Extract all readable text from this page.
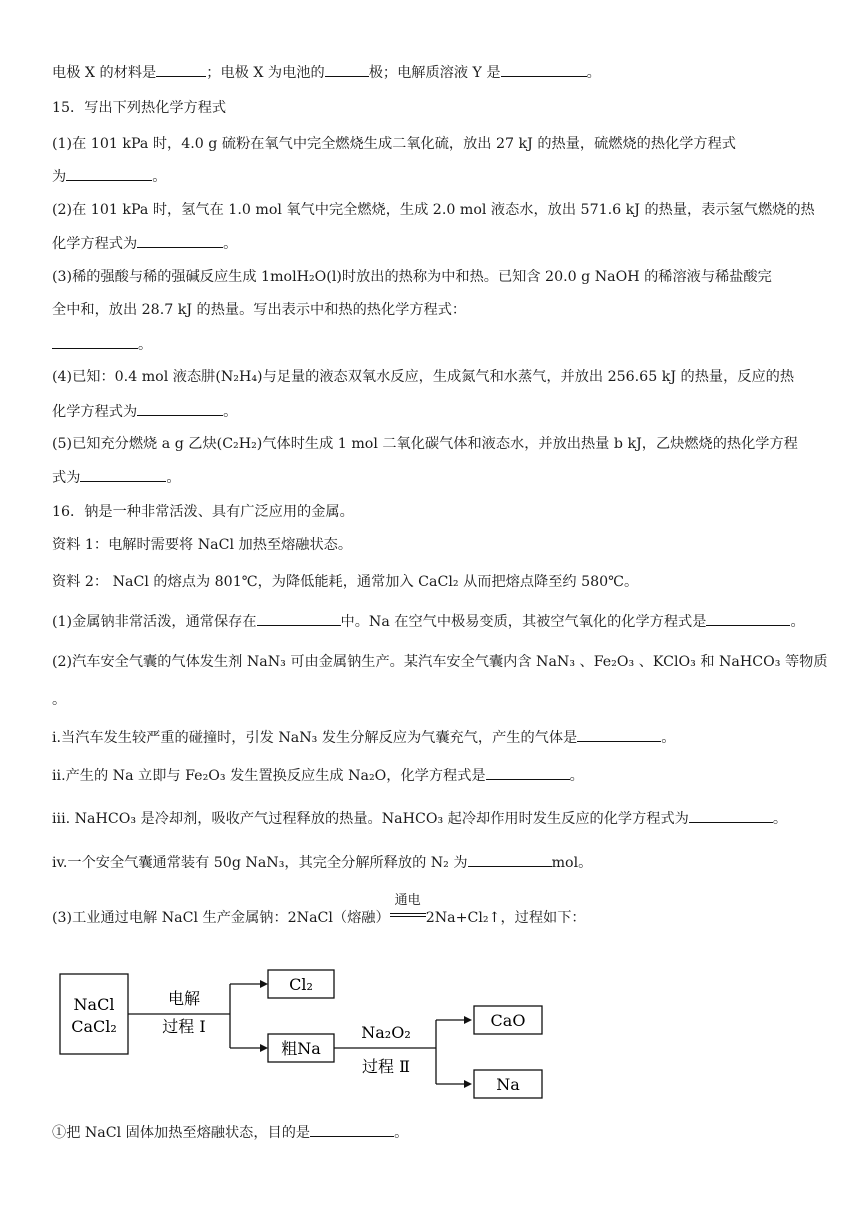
电极 X 的材料是	；电极 X 为电池的	极；电解质溶液 Y 是	。
15．写出下列热化学方程式
(1)在 101 kPa 时，4.0 g 硫粉在氧气中完全燃烧生成二氧化硫，放出 27 kJ 的热量，硫燃烧的热化学方程式
为	。
(2)在 101 kPa 时，氢气在 1.0 mol 氧气中完全燃烧，生成 2.0 mol 液态水，放出 571.6 kJ 的热量，表示氢气燃烧的热
化学方程式为	。
(3)稀的强酸与稀的强碱反应生成 1molH₂O(l)时放出的热称为中和热。已知含 20.0 g NaOH 的稀溶液与稀盐酸完
全中和，放出 28.7 kJ 的热量。写出表示中和热的热化学方程式：
。
(4)已知：0.4 mol 液态肼(N₂H₄)与足量的液态双氧水反应，生成氮气和水蒸气，并放出 256.65 kJ 的热量，反应的热
化学方程式为	。
(5)已知充分燃烧 a g 乙炔(C₂H₂)气体时生成 1 mol 二氧化碳气体和液态水，并放出热量 b kJ，乙炔燃烧的热化学方程
式为	。
16．钠是一种非常活泼、具有广泛应用的金属。
资料 1：电解时需要将 NaCl 加热至熔融状态。
资料 2： NaCl 的熔点为 801℃，为降低能耗，通常加入 CaCl₂ 从而把熔点降至约 580℃。
(1)金属钠非常活泼，通常保存在	中。Na 在空气中极易变质，其被空气氧化的化学方程式是	。
(2)汽车安全气囊的气体发生剂 NaN₃ 可由金属钠生产。某汽车安全气囊内含 NaN₃ 、Fe₂O₃ 、KClO₃ 和 NaHCO₃ 等物质
。
i.当汽车发生较严重的碰撞时，引发 NaN₃ 发生分解反应为气囊充气，产生的气体是	。
ii.产生的 Na 立即与 Fe₂O₃ 发生置换反应生成 Na₂O，化学方程式是	。
iii. NaHCO₃ 是冷却剂，吸收产气过程释放的热量。NaHCO₃ 起冷却作用时发生反应的化学方程式为	。
iv.一个安全气囊通常装有 50g NaN₃，其完全分解所释放的 N₂ 为	mol。
(3)工业通过电解 NaCl 生产金属钠：2NaCl（熔融）
通电
2Na+Cl₂↑，过程如下：
NaCl
CaCl₂
电解
过程 Ⅰ
Cl₂
粗Na
Na₂O₂
过程 Ⅱ
CaO
Na
①把 NaCl 固体加热至熔融状态，目的是	。
